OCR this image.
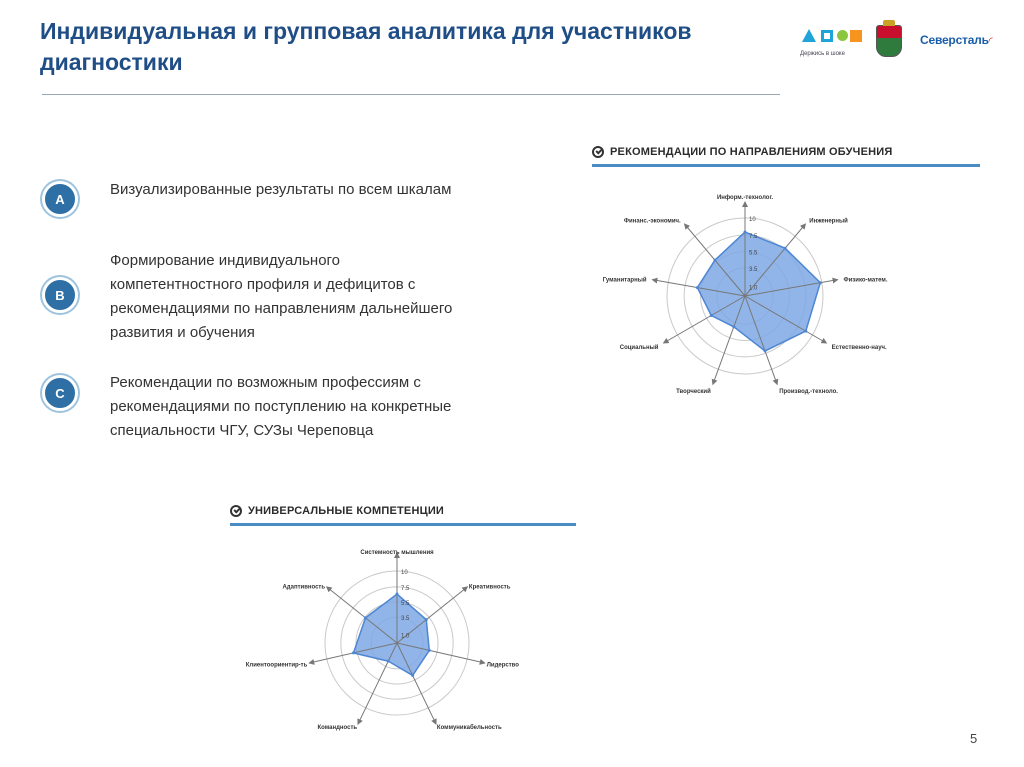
Индивидуальная и групповая аналитика для участников диагностики	Держись в шоке
Северсталь◜
A
Визуализированные результаты по всем шкалам
B
Формирование индивидуального компетентностного профиля и дефицитов с рекомендациями по направлениям дальнейшего развития и обучения
C
Рекомендации по возможным профессиям с рекомендациями по поступлению на конкретные специальности ЧГУ, СУЗы Череповца
РЕКОМЕНДАЦИИ ПО НАПРАВЛЕНИЯМ ОБУЧЕНИЯ
Информ.-технолог.
Инженерный
Физико-матем.
Естественно-науч.
Производ.-техноло.
Творческий
Социальный
Гуманитарный
Финанс.-экономич.	10
7.5
5.5
3.5
1.0
УНИВЕРСАЛЬНЫЕ КОМПЕТЕНЦИИ
Системность мышления
Креативность
Лидерство
Коммуникабельность
Командность
Клиентоориентир-ть
Адаптивность
10
7.5
5.5
3.5
1.0
5
